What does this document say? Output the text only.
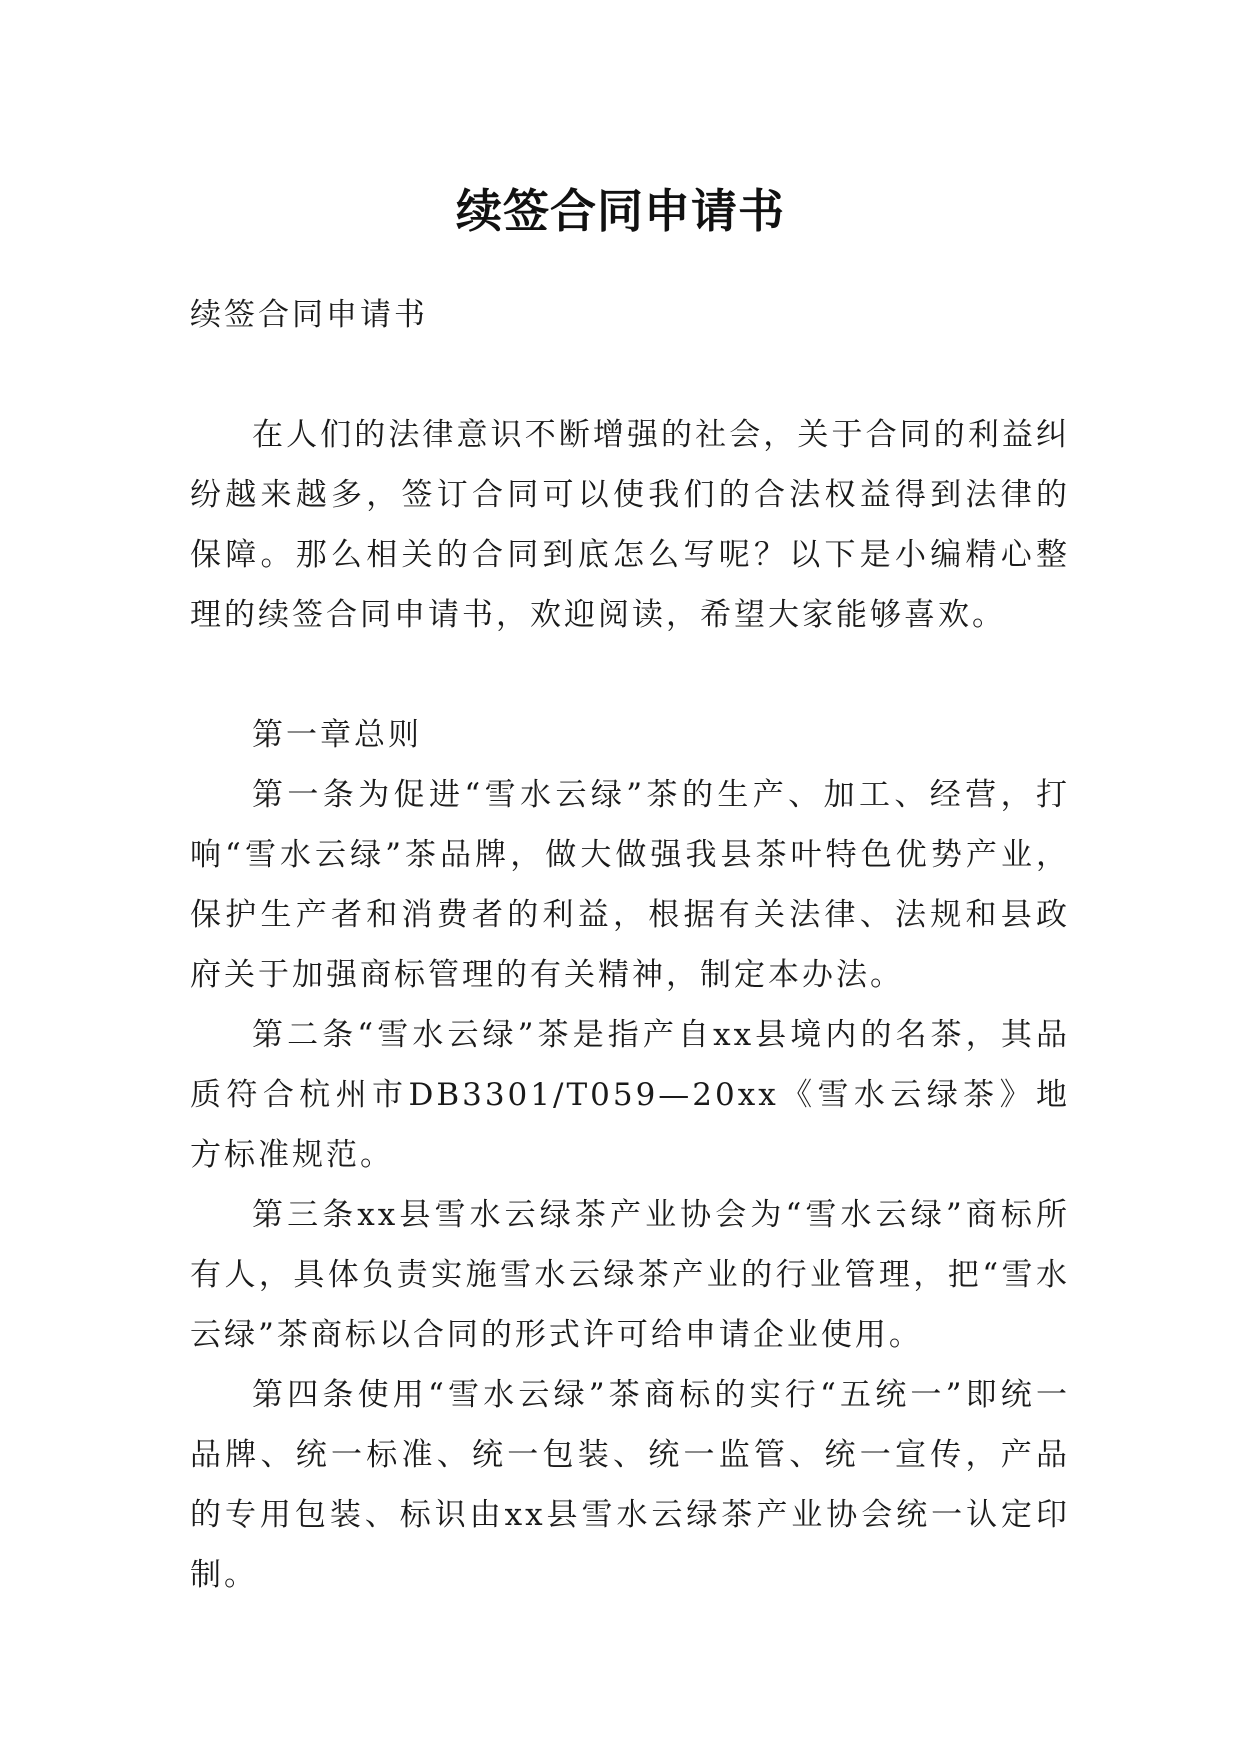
续签合同申请书

续签合同申请书

在人们的法律意识不断增强的社会，关于合同的利益纠纷越来越多，签订合同可以使我们的合法权益得到法律的保障。那么相关的合同到底怎么写呢？以下是小编精心整理的续签合同申请书，欢迎阅读，希望大家能够喜欢。

第一章总则

第一条为促进“雪水云绿”茶的生产、加工、经营，打响“雪水云绿”茶品牌，做大做强我县茶叶特色优势产业，保护生产者和消费者的利益，根据有关法律、法规和县政府关于加强商标管理的有关精神，制定本办法。

第二条“雪水云绿”茶是指产自xx县境内的名茶，其品质符合杭州市DB3301/T059—20xx《雪水云绿茶》地方标准规范。

第三条xx县雪水云绿茶产业协会为“雪水云绿”商标所有人，具体负责实施雪水云绿茶产业的行业管理，把“雪水云绿”茶商标以合同的形式许可给申请企业使用。

第四条使用“雪水云绿”茶商标的实行“五统一”即统一品牌、统一标准、统一包装、统一监管、统一宣传，产品的专用包装、标识由xx县雪水云绿茶产业协会统一认定印制。
